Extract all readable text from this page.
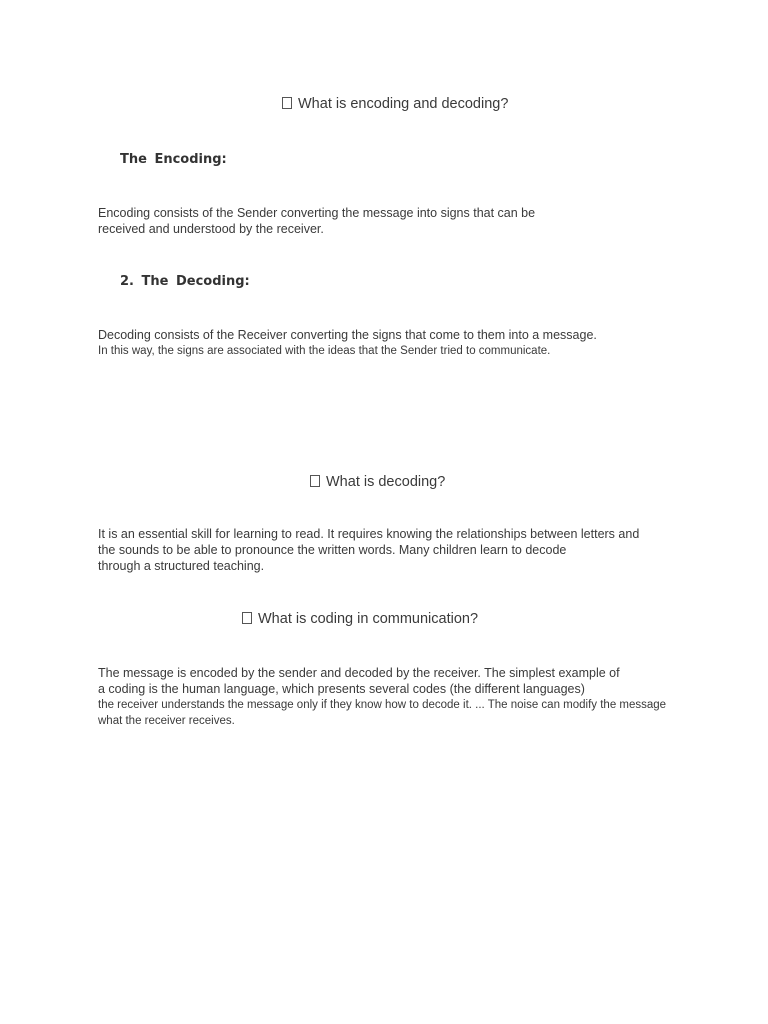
What is encoding and decoding?
The Encoding:
Encoding consists of the Sender converting the message into signs that can be
received and understood by the receiver.
2. The Decoding:
Decoding consists of the Receiver converting the signs that come to them into a message.
In this way, the signs are associated with the ideas that the Sender tried to communicate.
What is decoding?
It is an essential skill for learning to read. It requires knowing the relationships between letters and
the sounds to be able to pronounce the written words. Many children learn to decode
through a structured teaching.
What is coding in communication?
The message is encoded by the sender and decoded by the receiver. The simplest example of
a coding is the human language, which presents several codes (the different languages)
the receiver understands the message only if they know how to decode it. ... The noise can modify the message
what the receiver receives.
